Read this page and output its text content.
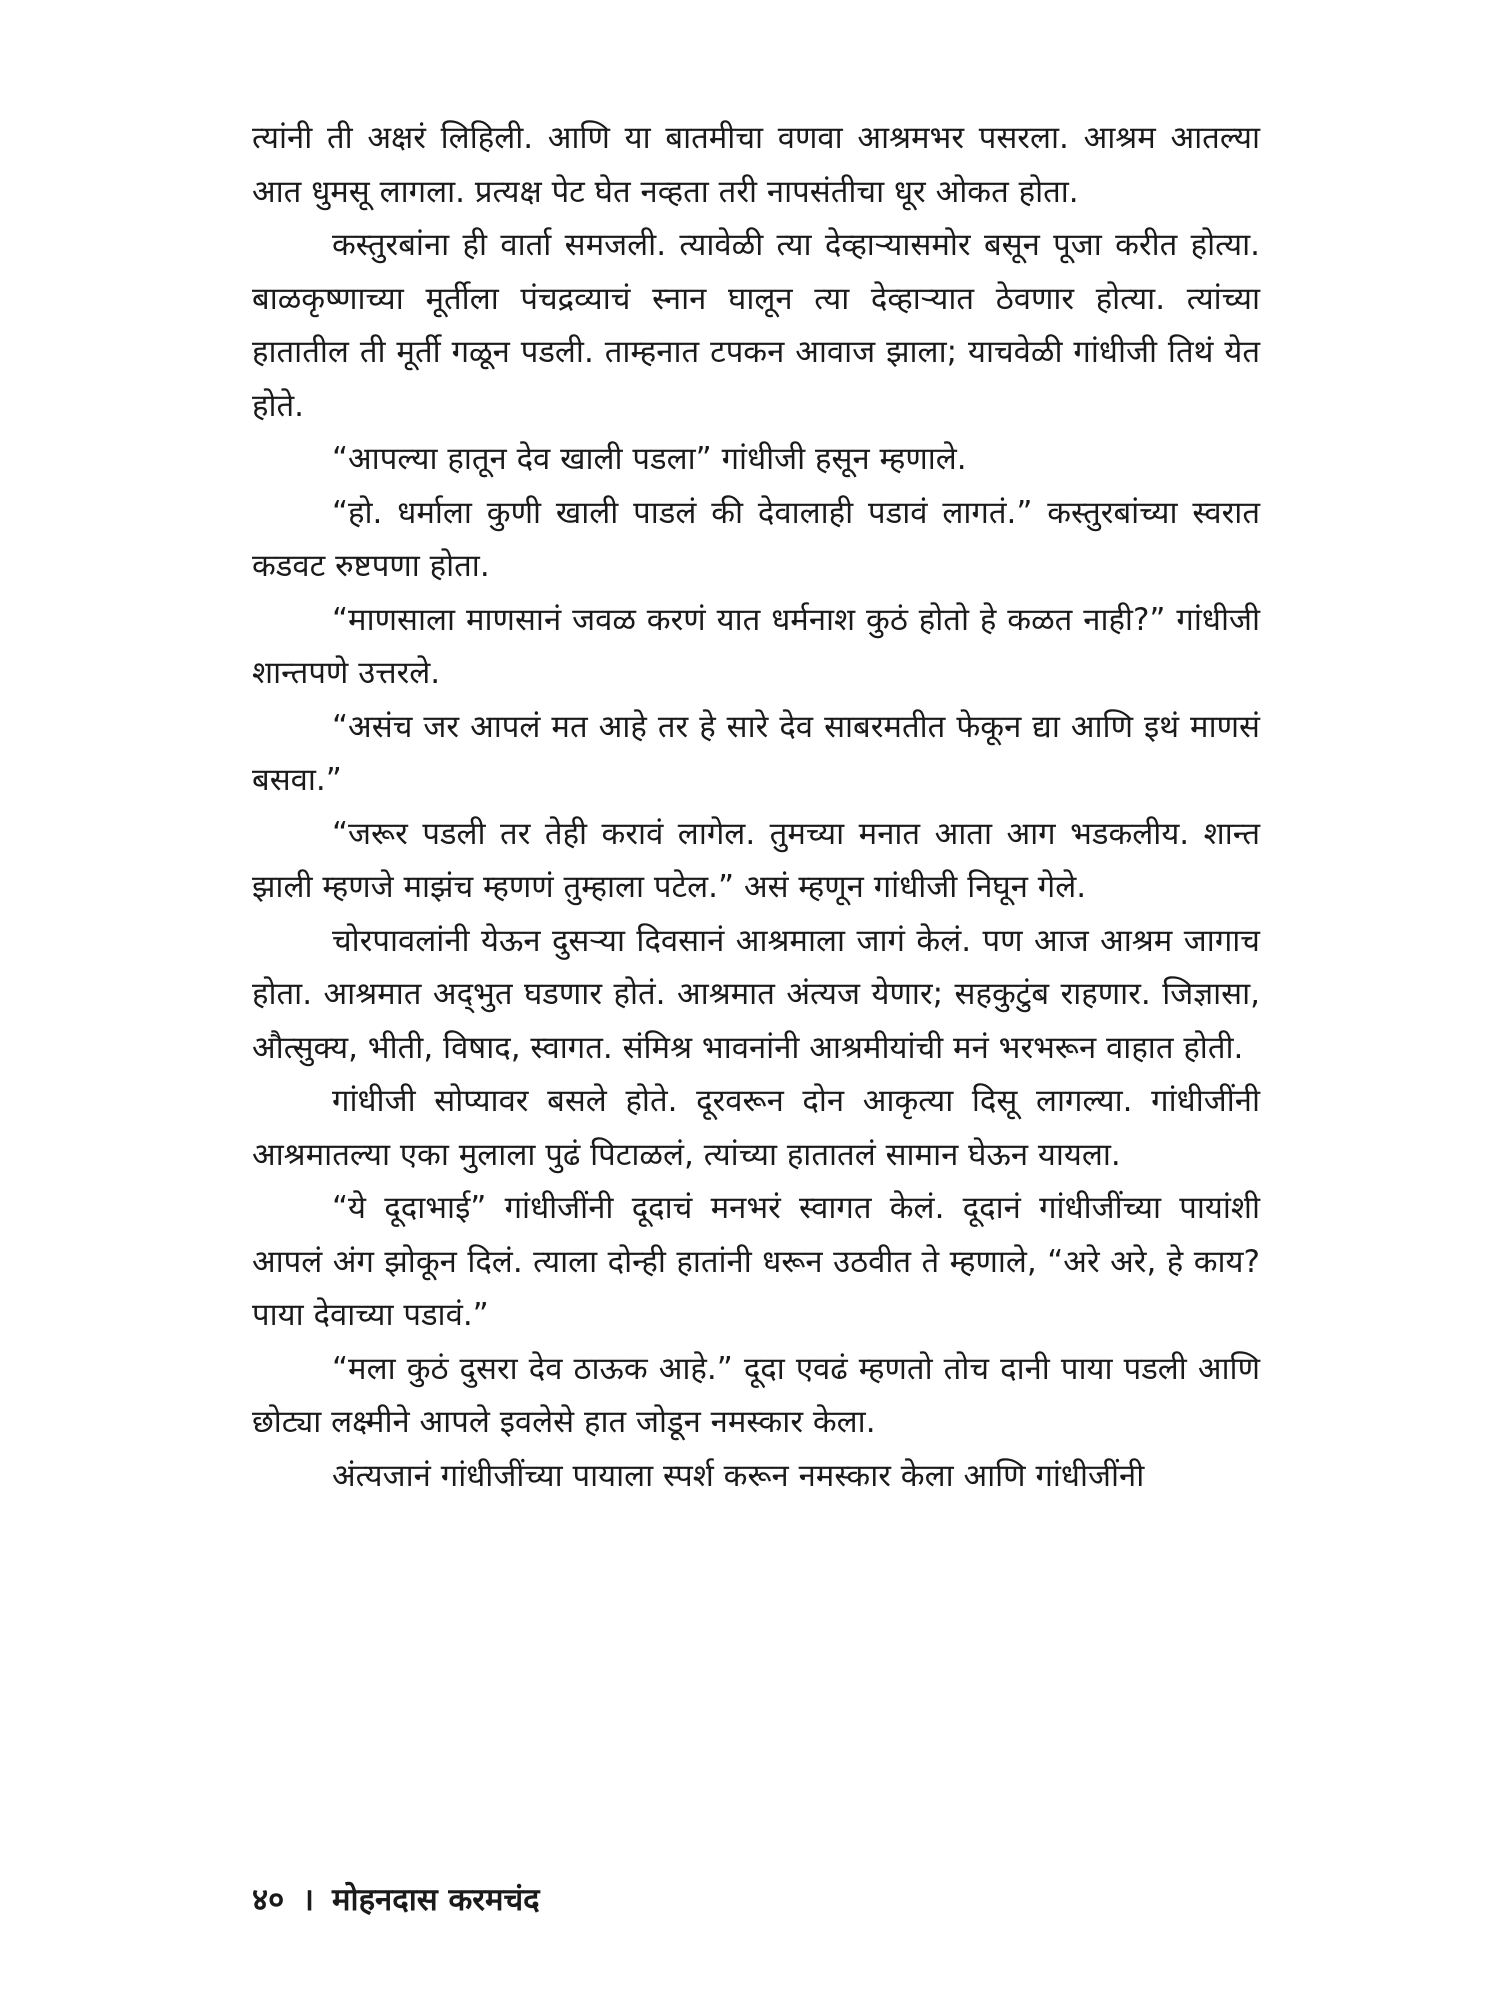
त्यांनी ती अक्षरं लिहिली. आणि या बातमीचा वणवा आश्रमभर पसरला. आश्रम आतल्या आत धुमसू लागला. प्रत्यक्ष पेट घेत नव्हता तरी नापसंतीचा धूर ओकत होता.

कस्तुरबांना ही वार्ता समजली. त्यावेळी त्या देव्हाऱ्यासमोर बसून पूजा करीत होत्या. बाळकृष्णाच्या मूर्तीला पंचद्रव्याचं स्नान घालून त्या देव्हाऱ्यात ठेवणार होत्या. त्यांच्या हातातील ती मूर्ती गळून पडली. ताम्हनात टपकन आवाज झाला; याचवेळी गांधीजी तिथं येत होते.

“आपल्या हातून देव खाली पडला” गांधीजी हसून म्हणाले.

“हो. धर्माला कुणी खाली पाडलं की देवालाही पडावं लागतं.” कस्तुरबांच्या स्वरात कडवट रुष्टपणा होता.

“माणसाला माणसानं जवळ करणं यात धर्मनाश कुठं होतो हे कळत नाही?” गांधीजी शान्तपणे उत्तरले.

“असंच जर आपलं मत आहे तर हे सारे देव साबरमतीत फेकून द्या आणि इथं माणसं बसवा.”

“जरूर पडली तर तेही करावं लागेल. तुमच्या मनात आता आग भडकलीय. शान्त झाली म्हणजे माझंच म्हणणं तुम्हाला पटेल.” असं म्हणून गांधीजी निघून गेले.

चोरपावलांनी येऊन दुसऱ्या दिवसानं आश्रमाला जागं केलं. पण आज आश्रम जागाच होता. आश्रमात अद्‌भुत घडणार होतं. आश्रमात अंत्यज येणार; सहकुटुंब राहणार. जिज्ञासा, औत्सुक्य, भीती, विषाद, स्वागत. संमिश्र भावनांनी आश्रमीयांची मनं भरभरून वाहात होती.

गांधीजी सोप्यावर बसले होते. दूरवरून दोन आकृत्या दिसू लागल्या. गांधीजींनी आश्रमातल्या एका मुलाला पुढं पिटाळलं, त्यांच्या हातातलं सामान घेऊन यायला.

“ये दूदाभाई” गांधीजींनी दूदाचं मनभरं स्वागत केलं. दूदानं गांधीजींच्या पायांशी आपलं अंग झोकून दिलं. त्याला दोन्ही हातांनी धरून उठवीत ते म्हणाले, “अरे अरे, हे काय? पाया देवाच्या पडावं.”

“मला कुठं दुसरा देव ठाऊक आहे.” दूदा एवढं म्हणतो तोच दानी पाया पडली आणि छोट्या लक्ष्मीने आपले इवलेसे हात जोडून नमस्कार केला.

अंत्यजानं गांधीजींच्या पायाला स्पर्श करून नमस्कार केला आणि गांधीजींनी

४० । मोहनदास करमचंद
